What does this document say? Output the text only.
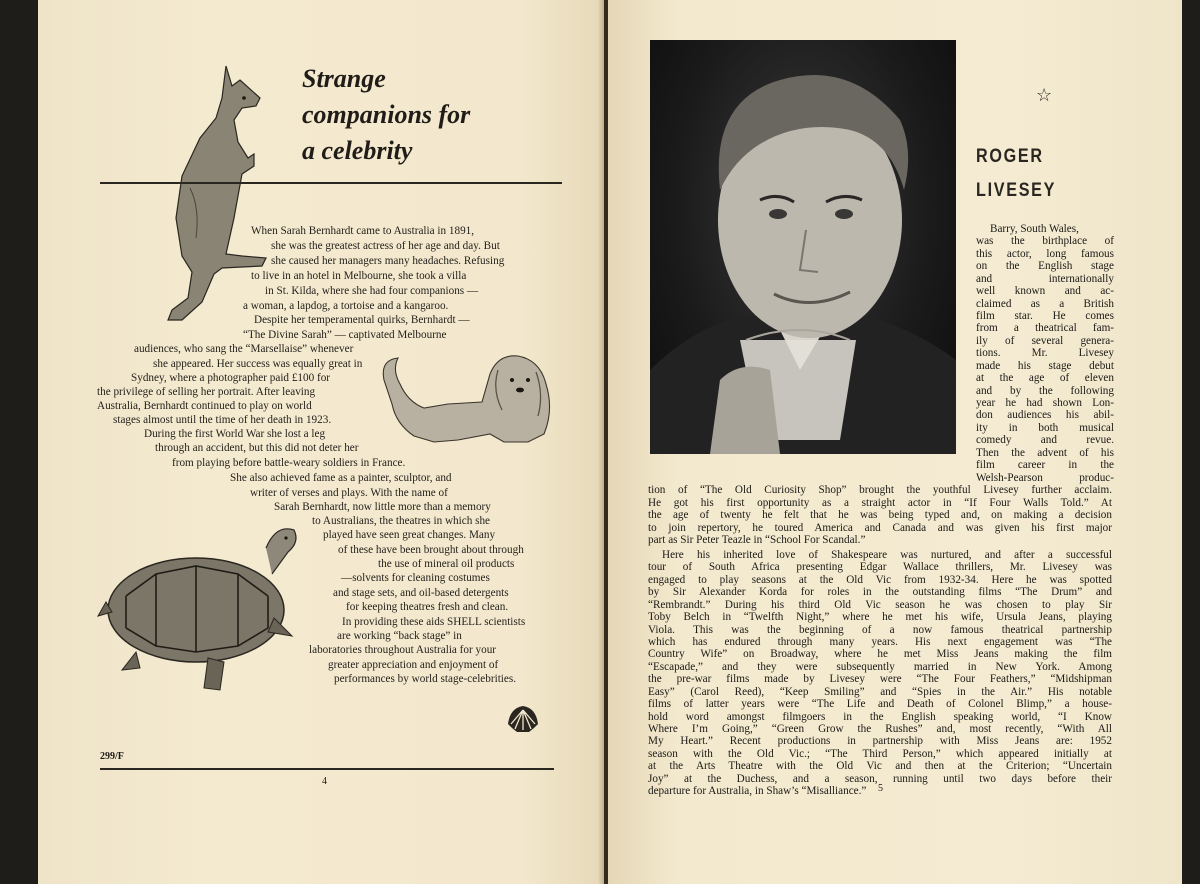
Strange
companions for
a celebrity
When Sarah Bernhardt came to Australia in 1891,
she was the greatest actress of her age and day. But
she caused her managers many headaches. Refusing
to live in an hotel in Melbourne, she took a villa
in St. Kilda, where she had four companions —
a woman, a lapdog, a tortoise and a kangaroo.
Despite her temperamental quirks, Bernhardt —
“The Divine Sarah” — captivated Melbourne
audiences, who sang the “Marsellaise” whenever
she appeared. Her success was equally great in
Sydney, where a photographer paid £100 for
the privilege of selling her portrait. After leaving
Australia, Bernhardt continued to play on world
stages almost until the time of her death in 1923.
During the first World War she lost a leg
through an accident, but this did not deter her
from playing before battle-weary soldiers in France.
She also achieved fame as a painter, sculptor, and
writer of verses and plays. With the name of
Sarah Bernhardt, now little more than a memory
to Australians, the theatres in which she
played have seen great changes. Many
of these have been brought about through
the use of mineral oil products
—solvents for cleaning costumes
and stage sets, and oil-based detergents
for keeping theatres fresh and clean.
In providing these aids SHELL scientists
are working “back stage” in
laboratories throughout Australia for your
greater appreciation and enjoyment of
performances by world stage-celebrities.
299/F
4
☆
ROGER
LIVESEY
Barry, South Wales,
was the birthplace of
this actor, long famous
on the English stage
and internationally
well known and ac-
claimed as a British
film star. He comes
from a theatrical fam-
ily of several genera-
tions. Mr. Livesey
made his stage debut
at the age of eleven
and by the following
year he had shown Lon-
don audiences his abil-
ity in both musical
comedy and revue.
Then the advent of his
film career in the
Welsh-Pearson produc-
tion of “The Old Curiosity Shop” brought the youthful Livesey further acclaim.
He got his first opportunity as a straight actor in “If Four Walls Told.” At
the age of twenty he felt that he was being typed and, on making a decision
to join repertory, he toured America and Canada and was given his first major
part as Sir Peter Teazle in “School For Scandal.”
Here his inherited love of Shakespeare was nurtured, and after a successful
tour of South Africa presenting Edgar Wallace thrillers, Mr. Livesey was
engaged to play seasons at the Old Vic from 1932-34. Here he was spotted
by Sir Alexander Korda for roles in the outstanding films “The Drum” and
“Rembrandt.” During his third Old Vic season he was chosen to play Sir
Toby Belch in “Twelfth Night,” where he met his wife, Ursula Jeans, playing
Viola. This was the beginning of a now famous theatrical partnership
which has endured through many years. His next engagement was “The
Country Wife” on Broadway, where he met Miss Jeans making the film
“Escapade,” and they were subsequently married in New York. Among
the pre-war films made by Livesey were “The Four Feathers,” “Midshipman
Easy” (Carol Reed), “Keep Smiling” and “Spies in the Air.” His notable
films of latter years were “The Life and Death of Colonel Blimp,” a house-
hold word amongst filmgoers in the English speaking world, “I Know
Where I’m Going,” “Green Grow the Rushes” and, most recently, “With All
My Heart.” Recent productions in partnership with Miss Jeans are: 1952
season with the Old Vic.; “The Third Person,” which appeared initially at
at the Arts Theatre with the Old Vic and then at the Criterion; “Uncertain
Joy” at the Duchess, and a season, running until two days before their
departure for Australia, in Shaw’s “Misalliance.”	5
